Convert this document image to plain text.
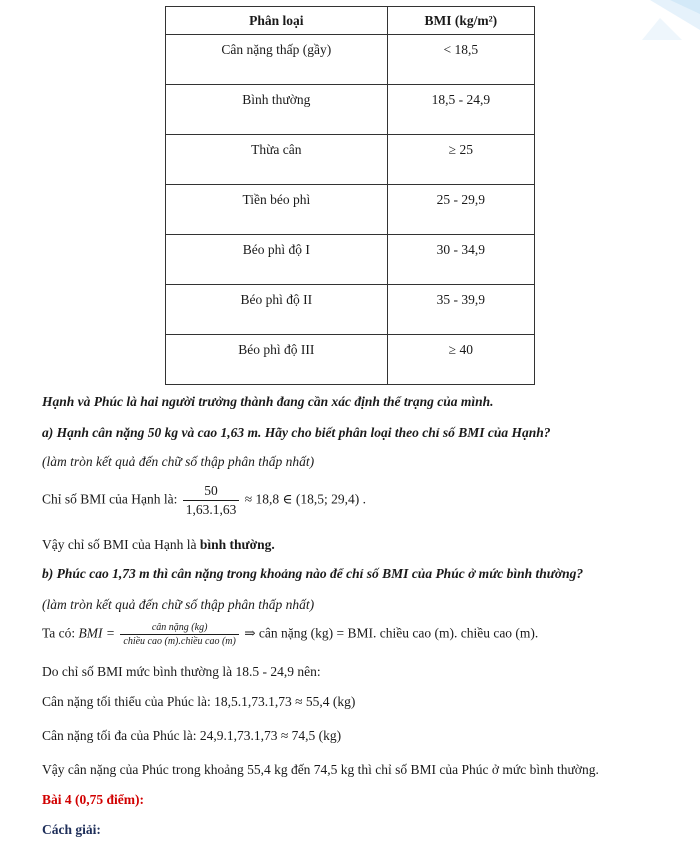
Phân loại	BMI (kg/m²)

Cân nặng thấp (gầy)	< 18,5

Bình thường	18,5 - 24,9

Thừa cân	≥ 25

Tiền béo phì	25 - 29,9

Béo phì độ I	30 - 34,9

Béo phì độ II	35 - 39,9

Béo phì độ III	≥ 40
Hạnh và Phúc là hai người trưởng thành đang cần xác định thể trạng của mình.
a) Hạnh cân nặng 50 kg và cao 1,63 m. Hãy cho biết phân loại theo chỉ số BMI của Hạnh?
(làm tròn kết quả đến chữ số thập phân thấp nhất)
Chỉ số BMI của Hạnh là: $\frac{50}{1,63.1,63} \approx 18,8$ ∈ (18,5; 29,4) .
Vậy chỉ số BMI của Hạnh là bình thường.
b) Phúc cao 1,73 m thì cân nặng trong khoảng nào để chỉ số BMI của Phúc ở mức bình thường?
(làm tròn kết quả đến chữ số thập phân thấp nhất)
Ta có: BMI = $\frac{\text{cân nặng (kg)}}{\text{chiều cao (m).chiều cao (m)}}$ ⇒ cân nặng (kg) = BMI. chiều cao (m). chiều cao (m).
Do chỉ số BMI mức bình thường là 18.5 - 24,9 nên:
Cân nặng tối thiểu của Phúc là: 18,5.1,73.1,73 ≈ 55,4 (kg)
Cân nặng tối đa của Phúc là: 24,9.1,73.1,73 ≈ 74,5 (kg)
Vậy cân nặng của Phúc trong khoảng 55,4 kg đến 74,5 kg thì chỉ số BMI của Phúc ở mức bình thường.
Bài 4 (0,75 điểm):
Cách giải:
